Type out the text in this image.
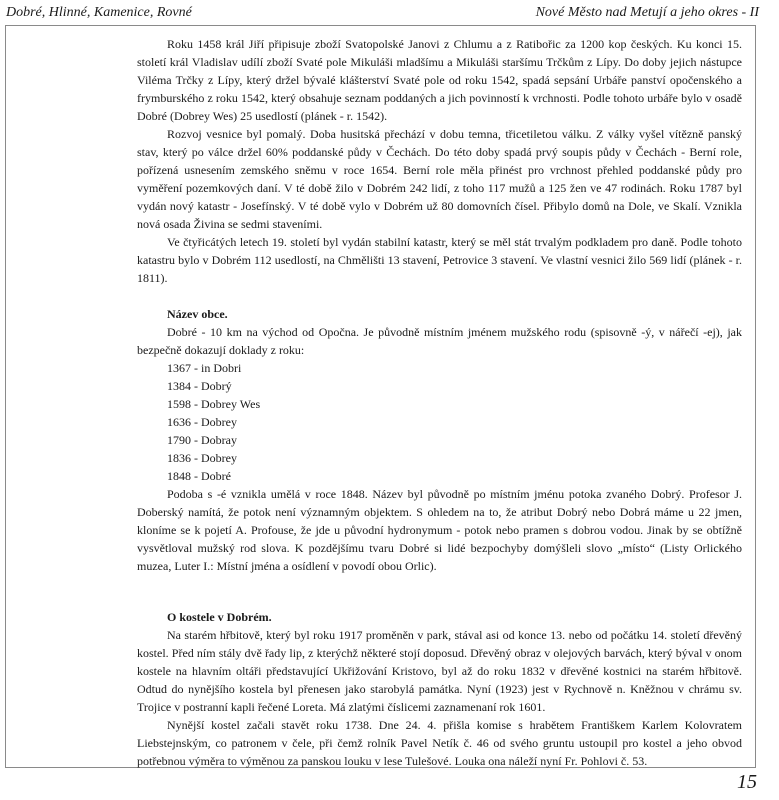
Dobré, Hlinné, Kamenice, Rovné	Nové Město nad Metují a jeho okres - II

Roku 1458 král Jiří připisuje zboží Svatopolské Janovi z Chlumu a z Ratibořic za 1200 kop českých. Ku konci 15. století král Vladislav udílí zboží Svaté pole Mikuláši mladšímu a Mikuláši staršímu Trčkům z Lípy. Do doby jejich nástupce Viléma Trčky z Lípy, který držel bývalé klášterství Svaté pole od roku 1542, spadá sepsání Urbáře panství opočenského a frymburského z roku 1542, který obsahuje seznam poddaných a jich povinností k vrchnosti. Podle tohoto urbáře bylo v osadě Dobré (Dobrey Wes) 25 usedlostí (plánek - r. 1542).

Rozvoj vesnice byl pomalý. Doba husitská přechází v dobu temna, třicetiletou válku. Z války vyšel vítězně panský stav, který po válce držel 60% poddanské půdy v Čechách. Do této doby spadá prvý soupis půdy v Čechách - Berní role, pořízená usnesením zemského sněmu v roce 1654. Berní role měla přinést pro vrchnost přehled poddanské půdy pro vyměření pozemkových daní. V té době žilo v Dobrém 242 lidí, z toho 117 mužů a 125 žen ve 47 rodinách. Roku 1787 byl vydán nový katastr - Josefínský. V té době vylo v Dobrém už 80 domovních čísel. Přibylo domů na Dole, ve Skalí. Vznikla nová osada Živina se sedmi staveními.

Ve čtyřicátých letech 19. století byl vydán stabilní katastr, který se měl stát trvalým podkladem pro daně. Podle tohoto katastru bylo v Dobrém 112 usedlostí, na Chmělišti 13 stavení, Petrovice 3 stavení. Ve vlastní vesnici žilo 569 lidí (plánek - r. 1811).

Název obce.

Dobré - 10 km na východ od Opočna. Je původně místním jménem mužského rodu (spisovně -ý, v nářečí -ej), jak bezpečně dokazují doklady z roku:

1367 - in Dobri

1384 - Dobrý

1598 - Dobrey Wes

1636 - Dobrey

1790 - Dobray

1836 - Dobrey

1848 - Dobré

Podoba s -é vznikla umělá v roce 1848. Název byl původně po místním jménu potoka zvaného Dobrý. Profesor J. Doberský namítá, že potok není významným objektem. S ohledem na to, že atribut Dobrý nebo Dobrá máme u 22 jmen, kloníme se k pojetí A. Profouse, že jde u původní hydronymum - potok nebo pramen s dobrou vodou. Jinak by se obtížně vysvětloval mužský rod slova. K pozdějšímu tvaru Dobré si lidé bezpochyby domýšleli slovo „místo“ (Listy Orlického muzea, Luter I.: Místní jména a osídlení v povodí obou Orlic).

O kostele v Dobrém.

Na starém hřbitově, který byl roku 1917 proměněn v park, stával asi od konce 13. nebo od počátku 14. století dřevěný kostel. Před ním stály dvě řady lip, z kterýchž některé stojí doposud. Dřevěný obraz v olejových barvách, který býval v onom kostele na hlavním oltáři představující Ukřižování Kristovo, byl až do roku 1832 v dřevěné kostnici na starém hřbitově. Odtud do nynějšího kostela byl přenesen jako starobylá památka. Nyní (1923) jest v Rychnově n. Kněžnou v chrámu sv. Trojice v postranní kapli řečené Loreta. Má zlatými číslicemi zaznamenaní rok 1601.

Nynější kostel začali stavět roku 1738. Dne 24. 4. přišla komise s hrabětem Františkem Karlem Kolovratem Liebstejnským, co patronem v čele, při čemž rolník Pavel Netík č. 46 od svého gruntu ustoupil pro kostel a jeho obvod potřebnou výměra to výměnou za panskou louku v lese Tulešové. Louka ona náleží nyní Fr. Pohlovi č. 53.

15
